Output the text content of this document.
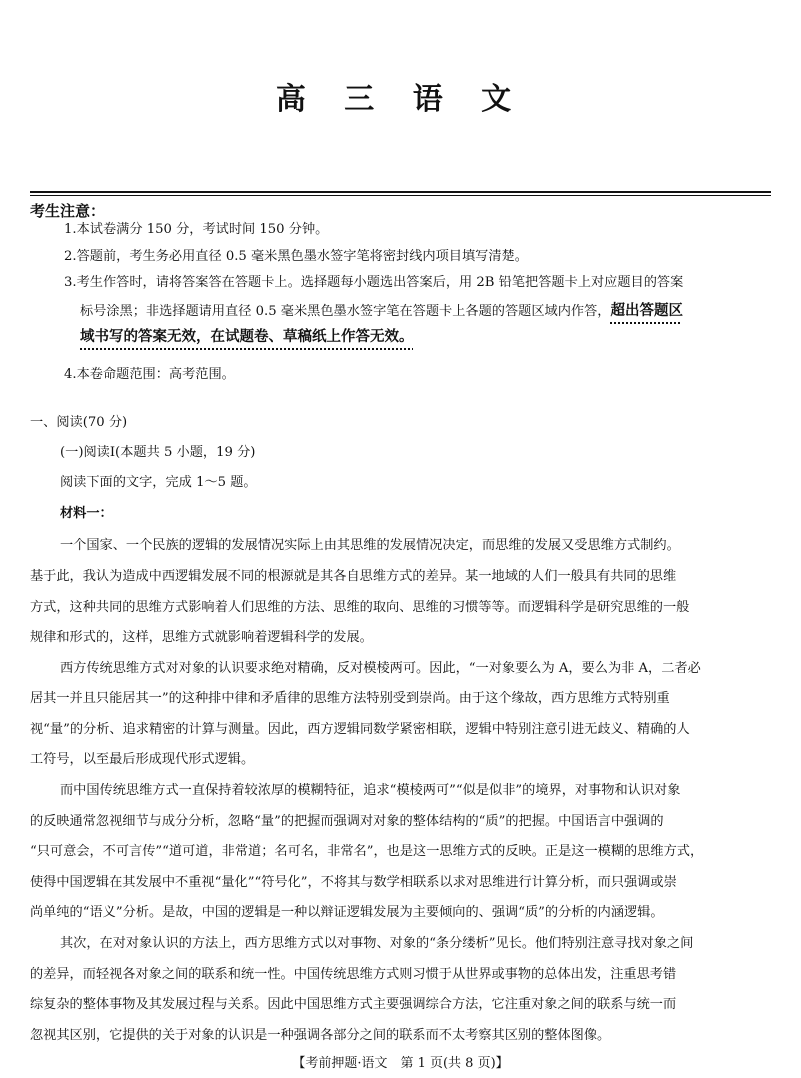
高 三 语 文
考生注意：
1.本试卷满分 150 分，考试时间 150 分钟。
2.答题前，考生务必用直径 0.5 毫米黑色墨水签字笔将密封线内项目填写清楚。
3.考生作答时，请将答案答在答题卡上。选择题每小题选出答案后，用 2B 铅笔把答题卡上对应题目的答案
标号涂黑；非选择题请用直径 0.5 毫米黑色墨水签字笔在答题卡上各题的答题区域内作答，超出答题区
域书写的答案无效，在试题卷、草稿纸上作答无效。
4.本卷命题范围：高考范围。
一、阅读(70 分)
(一)阅读Ⅰ(本题共 5 小题，19 分)
阅读下面的文字，完成 1～5 题。
材料一：
一个国家、一个民族的逻辑的发展情况实际上由其思维的发展情况决定，而思维的发展又受思维方式制约。
基于此，我认为造成中西逻辑发展不同的根源就是其各自思维方式的差异。某一地域的人们一般具有共同的思维
方式，这种共同的思维方式影响着人们思维的方法、思维的取向、思维的习惯等等。而逻辑科学是研究思维的一般
规律和形式的，这样，思维方式就影响着逻辑科学的发展。
西方传统思维方式对对象的认识要求绝对精确，反对模棱两可。因此，“一对象要么为 A，要么为非 A，二者必
居其一并且只能居其一”的这种排中律和矛盾律的思维方法特别受到崇尚。由于这个缘故，西方思维方式特别重
视“量”的分析、追求精密的计算与测量。因此，西方逻辑同数学紧密相联，逻辑中特别注意引进无歧义、精确的人
工符号，以至最后形成现代形式逻辑。
而中国传统思维方式一直保持着较浓厚的模糊特征，追求“模棱两可”“似是似非”的境界，对事物和认识对象
的反映通常忽视细节与成分分析，忽略“量”的把握而强调对对象的整体结构的“质”的把握。中国语言中强调的
“只可意会，不可言传”“道可道，非常道；名可名，非常名”，也是这一思维方式的反映。正是这一模糊的思维方式，
使得中国逻辑在其发展中不重视“量化”“符号化”，不将其与数学相联系以求对思维进行计算分析，而只强调或崇
尚单纯的“语义”分析。是故，中国的逻辑是一种以辩证逻辑发展为主要倾向的、强调“质”的分析的内涵逻辑。
其次，在对对象认识的方法上，西方思维方式以对事物、对象的“条分缕析”见长。他们特别注意寻找对象之间
的差异，而轻视各对象之间的联系和统一性。中国传统思维方式则习惯于从世界或事物的总体出发，注重思考错
综复杂的整体事物及其发展过程与关系。因此中国思维方式主要强调综合方法，它注重对象之间的联系与统一而
忽视其区别，它提供的关于对象的认识是一种强调各部分之间的联系而不太考察其区别的整体图像。
【考前押题·语文　第 1 页(共 8 页)】
